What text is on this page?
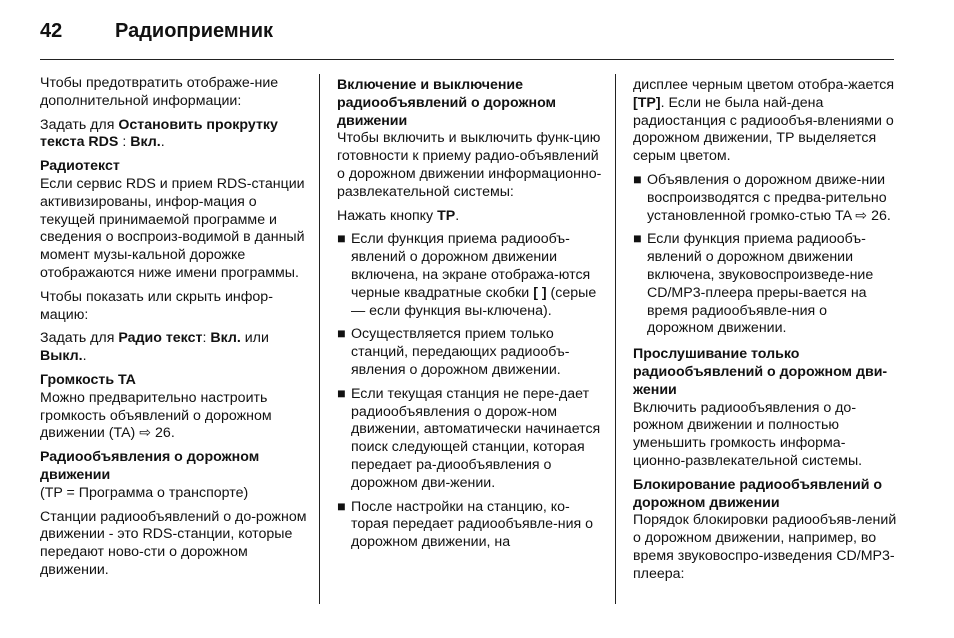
42	Радиоприемник

Чтобы предотвратить отображе-ние дополнительной информации:

Задать для Остановить прокрутку текста RDS : Вкл..

Радиотекст

Если сервис RDS и прием RDS-станции активизированы, инфор-мация о текущей принимаемой программе и сведения о воспроиз-водимой в данный момент музы-кальной дорожке отображаются ниже имени программы.

Чтобы показать или скрыть инфор-мацию:

Задать для Радио текст: Вкл. или Выкл..

Громкость TA

Можно предварительно настроить громкость объявлений о дорожном движении (TA) ⇨ 26.

Радиообъявления о дорожном движении

(TP = Программа о транспорте)

Станции радиообъявлений о до-рожном движении - это RDS-станции, которые передают ново-сти о дорожном движении.

Включение и выключение радиообъявлений о дорожном движении

Чтобы включить и выключить функ-цию готовности к приему радио-объявлений о дорожном движении информационно-развлекательной системы:

Нажать кнопку TP.

■ Если функция приема радиообъ-явлений о дорожном движении включена, на экране отобража-ются черные квадратные скобки [ ] (серые — если функция вы-ключена).
■ Осуществляется прием только станций, передающих радиообъ-явления о дорожном движении.
■ Если текущая станция не пере-дает радиообъявления о дорож-ном движении, автоматически начинается поиск следующей станции, которая передает ра-диообъявления о дорожном дви-жении.
■ После настройки на станцию, ко-торая передает радиообъявле-ния о дорожном движении, на

дисплее черным цветом отобра-жается [TP]. Если не была най-дена радиостанция с радиообъя-влениями о дорожном движении, TP выделяется серым цветом.

■ Объявления о дорожном движе-нии воспроизводятся с предва-рительно установленной громко-стью TA ⇨ 26.
■ Если функция приема радиообъ-явлений о дорожном движении включена, звуковоспроизведе-ние CD/MP3-плеера преры-вается на время радиообъявле-ния о дорожном движении.
Прослушивание только радиообъявлений о дорожном дви-жении

Включить радиообъявления о до-рожном движении и полностью уменьшить громкость информа-ционно-развлекательной системы.

Блокирование радиообъявлений о дорожном движении

Порядок блокировки радиообъяв-лений о дорожном движении, например, во время звуковоспро-изведения CD/MP3-плеера:
